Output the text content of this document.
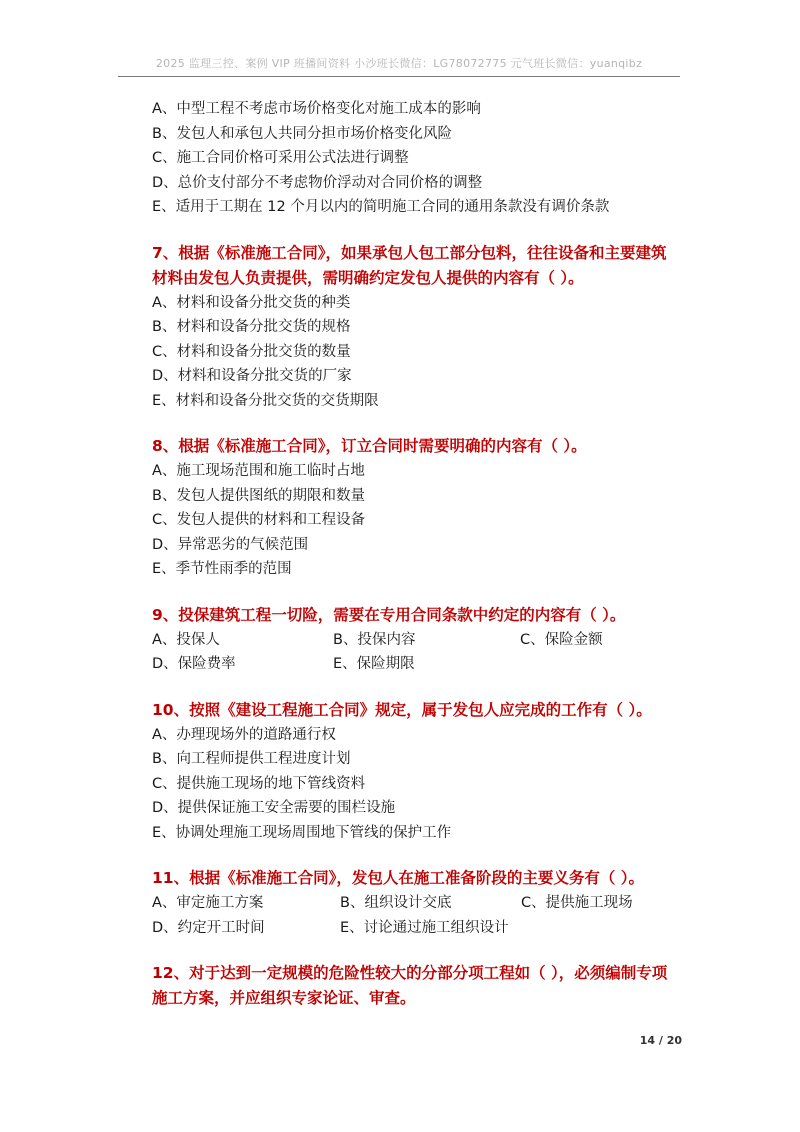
2025 监理三控、案例 VIP 班播间资料 小沙班长微信：LG78072775 元气班长微信：yuanqibz

A、中型工程不考虑市场价格变化对施工成本的影响

B、发包人和承包人共同分担市场价格变化风险

C、施工合同价格可采用公式法进行调整

D、总价支付部分不考虑物价浮动对合同价格的调整

E、适用于工期在 12 个月以内的简明施工合同的通用条款没有调价条款

7、根据《标准施工合同》，如果承包人包工部分包料，往往设备和主要建筑材料由发包人负责提供，需明确约定发包人提供的内容有（ ）。

A、材料和设备分批交货的种类

B、材料和设备分批交货的规格

C、材料和设备分批交货的数量

D、材料和设备分批交货的厂家

E、材料和设备分批交货的交货期限

8、根据《标准施工合同》，订立合同时需要明确的内容有（ ）。

A、施工现场范围和施工临时占地

B、发包人提供图纸的期限和数量

C、发包人提供的材料和工程设备

D、异常恶劣的气候范围

E、季节性雨季的范围

9、投保建筑工程一切险，需要在专用合同条款中约定的内容有（ ）。

A、投保人	B、投保内容	C、保险金额
D、保险费率	E、保险期限

10、按照《建设工程施工合同》规定，属于发包人应完成的工作有（ ）。

A、办理现场外的道路通行权

B、向工程师提供工程进度计划

C、提供施工现场的地下管线资料

D、提供保证施工安全需要的围栏设施

E、协调处理施工现场周围地下管线的保护工作

11、根据《标准施工合同》，发包人在施工准备阶段的主要义务有（ ）。

A、审定施工方案	B、组织设计交底	C、提供施工现场
D、约定开工时间	E、讨论通过施工组织设计

12、对于达到一定规模的危险性较大的分部分项工程如（ ），必须编制专项施工方案，并应组织专家论证、审查。

14 / 20
